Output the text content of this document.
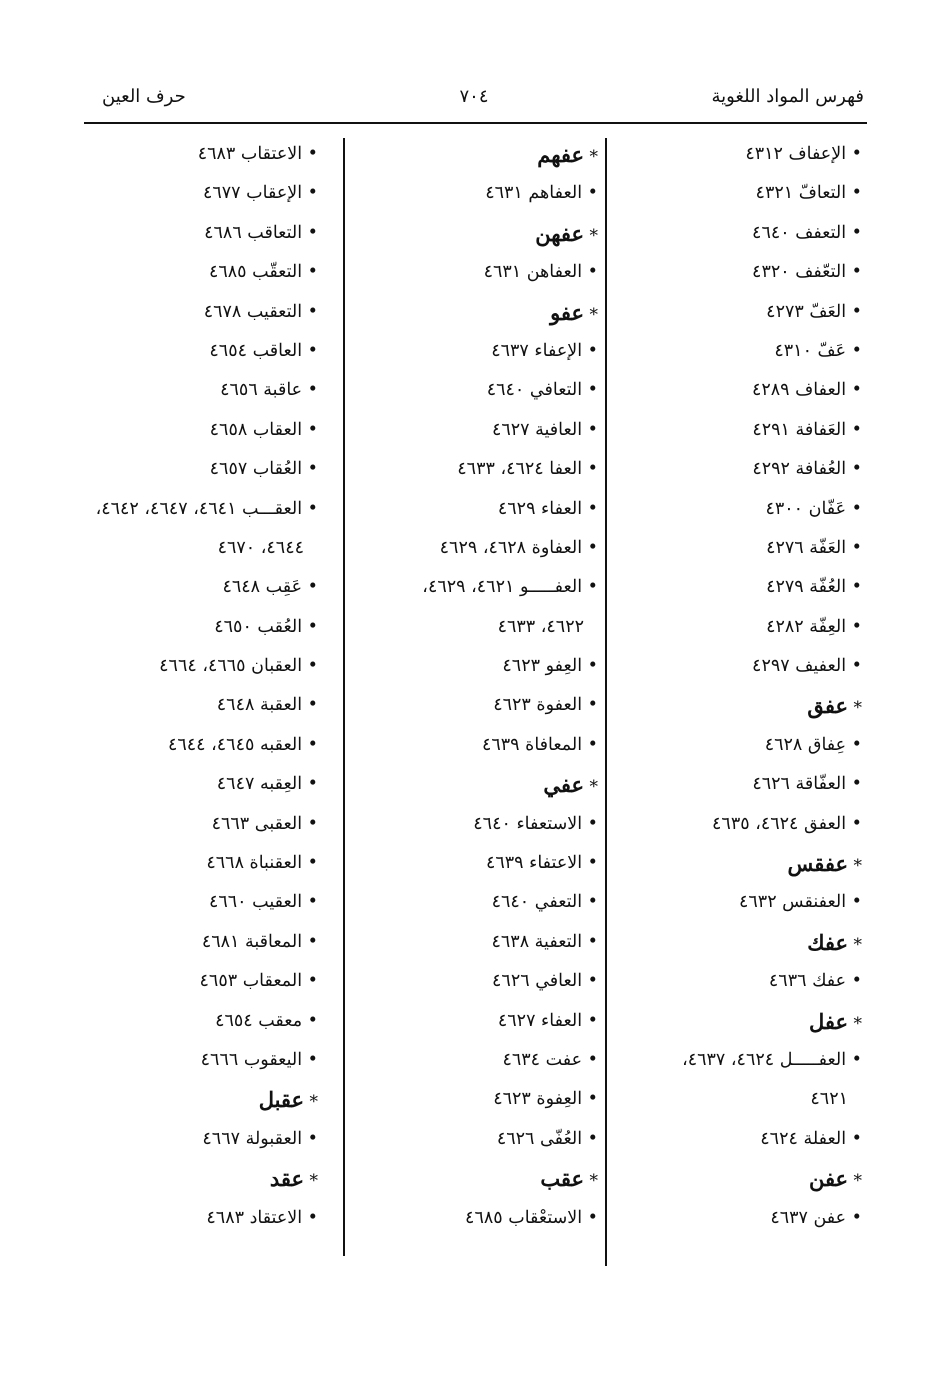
فهرس المواد اللغوية
٧٠٤
حرف العين
• الإعفاف ٤٣١٢
• التعافّ ٤٣٢١
• التعفف ٤٦٤٠
• التعّفف ٤٣٢٠
• العَفّ ٤٢٧٣
• عَفّ ٤٣١٠
• العفاف ٤٢٨٩
• العَفافة ٤٢٩١
• العُفافة ٤٢٩٢
• عَفّان ٤٣٠٠
• العَفّة ٤٢٧٦
• العُفّة ٤٢٧٩
• العِفّة ٤٢٨٢
• العفيف ٤٢٩٧
* عفق
• عِفاق ٤٦٢٨
• العفّاقة ٤٦٢٦
• العفق ٤٦٢٤، ٤٦٣٥
* عفقس
• العفنقس ٤٦٣٢
* عفك
• عفك ٤٦٣٦
* عفل
• العفـــــل ٤٦٢٤، ٤٦٣٧،
٤٦٢١
• العفلة ٤٦٢٤
* عفن
• عفن ٤٦٣٧
* عفهم
• العفاهم ٤٦٣١
* عفهن
• العفاهن ٤٦٣١
* عفو
• الإعفاء ٤٦٣٧
• التعافي ٤٦٤٠
• العافية ٤٦٢٧
• العفا ٤٦٢٤، ٤٦٣٣
• العفاء ٤٦٢٩
• العفاوة ٤٦٢٨، ٤٦٢٩
• العفـــــو ٤٦٢١، ٤٦٢٩،
٤٦٢٢، ٤٦٣٣
• العِفو ٤٦٢٣
• العفوة ٤٦٢٣
• المعافاة ٤٦٣٩
* عفي
• الاستعفاء ٤٦٤٠
• الاعتفاء ٤٦٣٩
• التعفي ٤٦٤٠
• التعفية ٤٦٣٨
• العافي ٤٦٢٦
• العفاء ٤٦٢٧
• عفت ٤٦٣٤
• العِفوة ٤٦٢٣
• العُفّى ٤٦٢٦
* عقب
• الاستعْقاب ٤٦٨٥
• الاعتقاب ٤٦٨٣
• الإعقاب ٤٦٧٧
• التعاقب ٤٦٨٦
• التعقّب ٤٦٨٥
• التعقيب ٤٦٧٨
• العاقب ٤٦٥٤
• عاقبة ٤٦٥٦
• العقاب ٤٦٥٨
• العُقاب ٤٦٥٧
• العقـــب ٤٦٤١، ٤٦٤٧، ٤٦٤٢،
٤٦٤٤، ٤٦٧٠
• عَقِب ٤٦٤٨
• العُقب ٤٦٥٠
• العقبان ٤٦٦٥، ٤٦٦٤
• العقبة ٤٦٤٨
• العقبه ٤٦٤٥، ٤٦٤٤
• العِقبه ٤٦٤٧
• العقبى ٤٦٦٣
• العقنباة ٤٦٦٨
• العقيب ٤٦٦٠
• المعاقبة ٤٦٨١
• المعقاب ٤٦٥٣
• معقب ٤٦٥٤
• اليعقوب ٤٦٦٦
* عقبل
• العقبولة ٤٦٦٧
* عقد
• الاعتقاد ٤٦٨٣
